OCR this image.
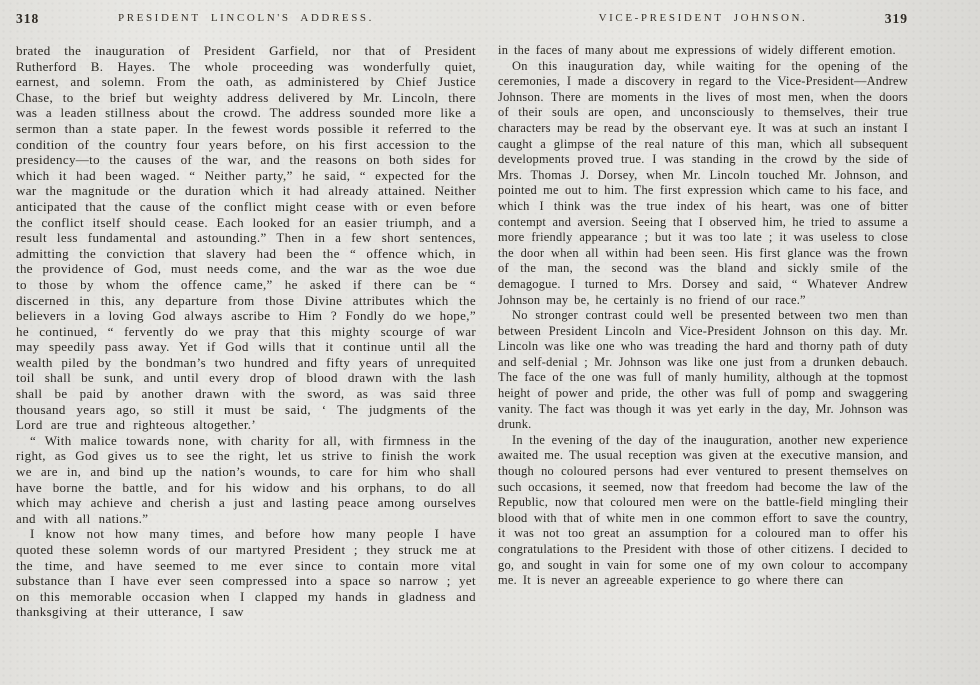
318	PRESIDENT LINCOLN'S ADDRESS.

brated the inauguration of President Garfield, nor that of President Rutherford B. Hayes. The whole proceeding was wonderfully quiet, earnest, and solemn. From the oath, as administered by Chief Justice Chase, to the brief but weighty address delivered by Mr. Lincoln, there was a leaden stillness about the crowd. The address sounded more like a sermon than a state paper. In the fewest words possible it referred to the condition of the country four years before, on his first accession to the presidency—to the causes of the war, and the reasons on both sides for which it had been waged. “ Neither party,” he said, “ expected for the war the magnitude or the duration which it had already attained. Neither anticipated that the cause of the conflict might cease with or even before the conflict itself should cease. Each looked for an easier triumph, and a result less fundamental and astounding.” Then in a few short sentences, admitting the conviction that slavery had been the “ offence which, in the providence of God, must needs come, and the war as the woe due to those by whom the offence came,” he asked if there can be “ discerned in this, any departure from those Divine attributes which the believers in a loving God always ascribe to Him ? Fondly do we hope,” he continued, “ fervently do we pray that this mighty scourge of war may speedily pass away. Yet if God wills that it continue until all the wealth piled by the bondman’s two hundred and fifty years of unrequited toil shall be sunk, and until every drop of blood drawn with the lash shall be paid by another drawn with the sword, as was said three thousand years ago, so still it must be said, ‘ The judgments of the Lord are true and righteous altogether.’

“ With malice towards none, with charity for all, with firmness in the right, as God gives us to see the right, let us strive to finish the work we are in, and bind up the nation’s wounds, to care for him who shall have borne the battle, and for his widow and his orphans, to do all which may achieve and cherish a just and lasting peace among ourselves and with all nations.”

I know not how many times, and before how many people I have quoted these solemn words of our martyred President ; they struck me at the time, and have seemed to me ever since to contain more vital substance than I have ever seen compressed into a space so narrow ; yet on this memorable occasion when I clapped my hands in gladness and thanksgiving at their utterance, I saw

VICE-PRESIDENT JOHNSON.	319

in the faces of many about me expressions of widely different emotion.

On this inauguration day, while waiting for the opening of the ceremonies, I made a discovery in regard to the Vice-President—Andrew Johnson. There are moments in the lives of most men, when the doors of their souls are open, and unconsciously to themselves, their true characters may be read by the observant eye. It was at such an instant I caught a glimpse of the real nature of this man, which all subsequent developments proved true. I was standing in the crowd by the side of Mrs. Thomas J. Dorsey, when Mr. Lincoln touched Mr. Johnson, and pointed me out to him. The first expression which came to his face, and which I think was the true index of his heart, was one of bitter contempt and aversion. Seeing that I observed him, he tried to assume a more friendly appearance ; but it was too late ; it was useless to close the door when all within had been seen. His first glance was the frown of the man, the second was the bland and sickly smile of the demagogue. I turned to Mrs. Dorsey and said, “ Whatever Andrew Johnson may be, he certainly is no friend of our race.”

No stronger contrast could well be presented between two men than between President Lincoln and Vice-President Johnson on this day. Mr. Lincoln was like one who was treading the hard and thorny path of duty and self-denial ; Mr. Johnson was like one just from a drunken debauch. The face of the one was full of manly humility, although at the topmost height of power and pride, the other was full of pomp and swaggering vanity. The fact was though it was yet early in the day, Mr. Johnson was drunk.

In the evening of the day of the inauguration, another new experience awaited me. The usual reception was given at the executive mansion, and though no coloured persons had ever ventured to present themselves on such occasions, it seemed, now that freedom had become the law of the Republic, now that coloured men were on the battle-field mingling their blood with that of white men in one common effort to save the country, it was not too great an assumption for a coloured man to offer his congratulations to the President with those of other citizens. I decided to go, and sought in vain for some one of my own colour to accompany me. It is never an agreeable experience to go where there can
